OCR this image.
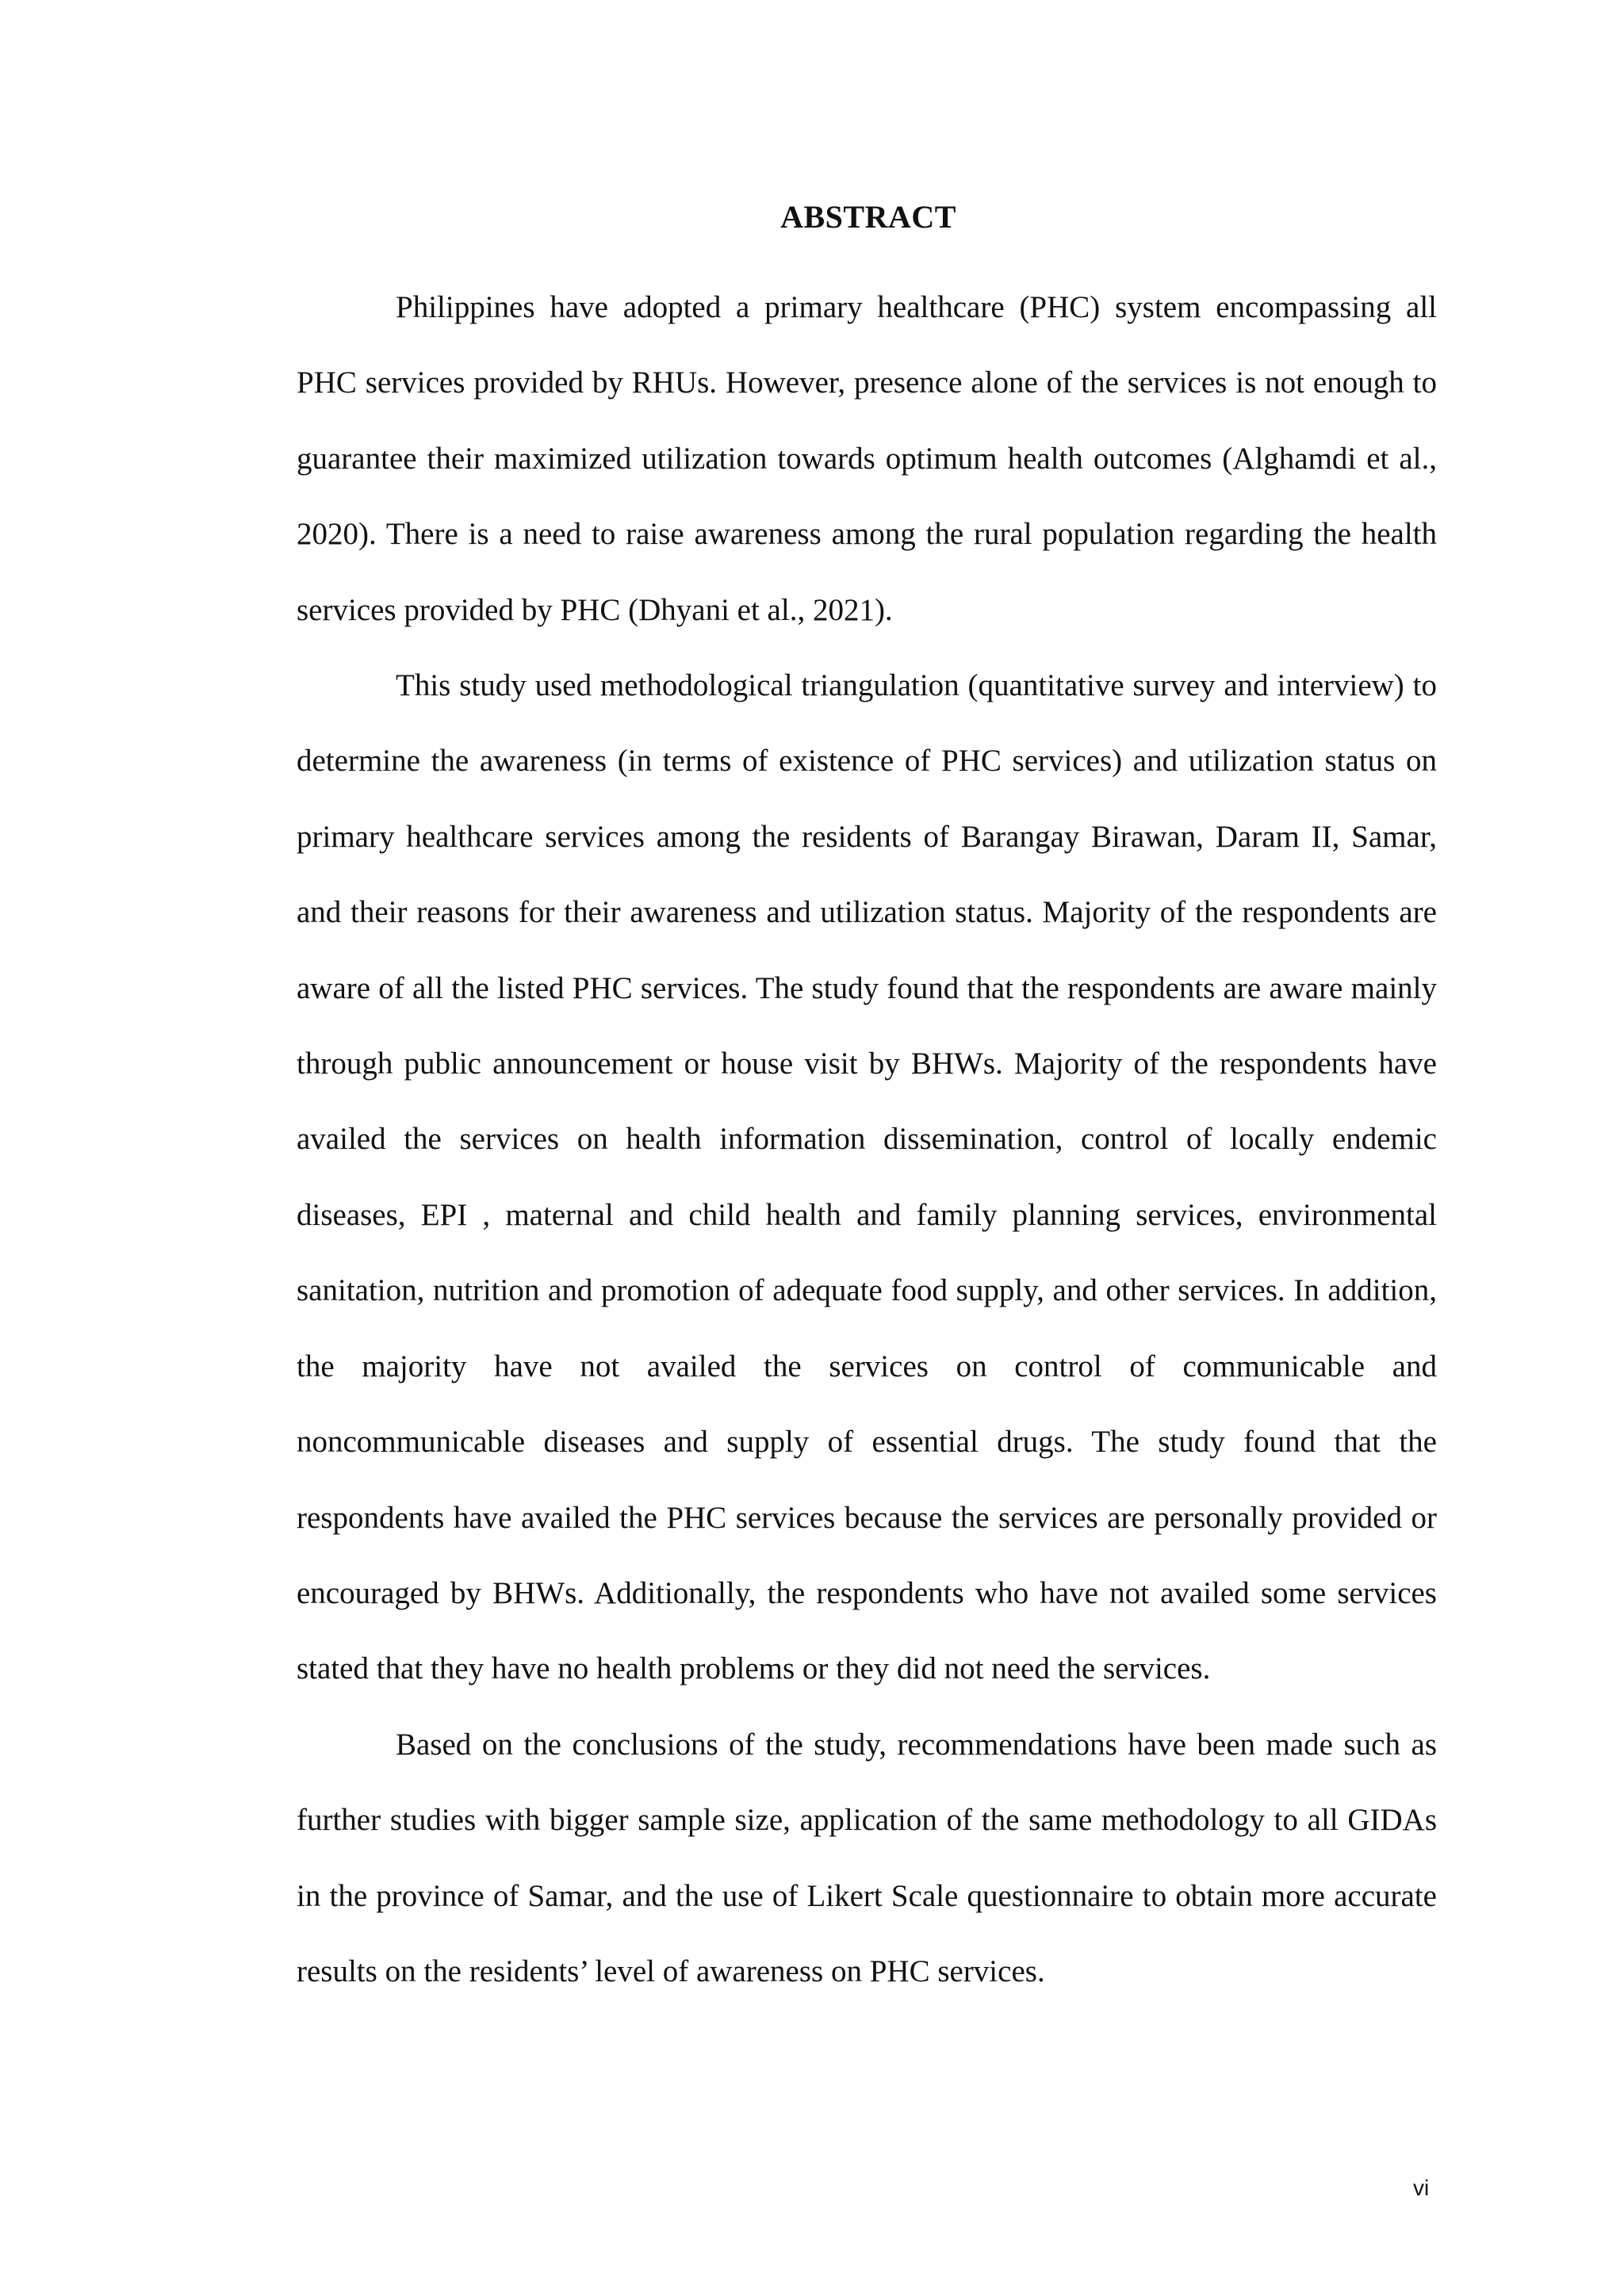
ABSTRACT

Philippines have adopted a primary healthcare (PHC) system encompassing all PHC services provided by RHUs. However, presence alone of the services is not enough to guarantee their maximized utilization towards optimum health outcomes (Alghamdi et al., 2020). There is a need to raise awareness among the rural population regarding the health services provided by PHC (Dhyani et al., 2021).

This study used methodological triangulation (quantitative survey and interview) to determine the awareness (in terms of existence of PHC services) and utilization status on primary healthcare services among the residents of Barangay Birawan, Daram II, Samar, and their reasons for their awareness and utilization status. Majority of the respondents are aware of all the listed PHC services. The study found that the respondents are aware mainly through public announcement or house visit by BHWs. Majority of the respondents have availed the services on health information dissemination, control of locally endemic diseases, EPI , maternal and child health and family planning services, environmental sanitation, nutrition and promotion of adequate food supply, and other services. In addition, the majority have not availed the services on control of communicable and noncommunicable diseases and supply of essential drugs. The study found that the respondents have availed the PHC services because the services are personally provided or encouraged by BHWs. Additionally, the respondents who have not availed some services stated that they have no health problems or they did not need the services.

Based on the conclusions of the study, recommendations have been made such as further studies with bigger sample size, application of the same methodology to all GIDAs in the province of Samar, and the use of Likert Scale questionnaire to obtain more accurate results on the residents’ level of awareness on PHC services.

vi
